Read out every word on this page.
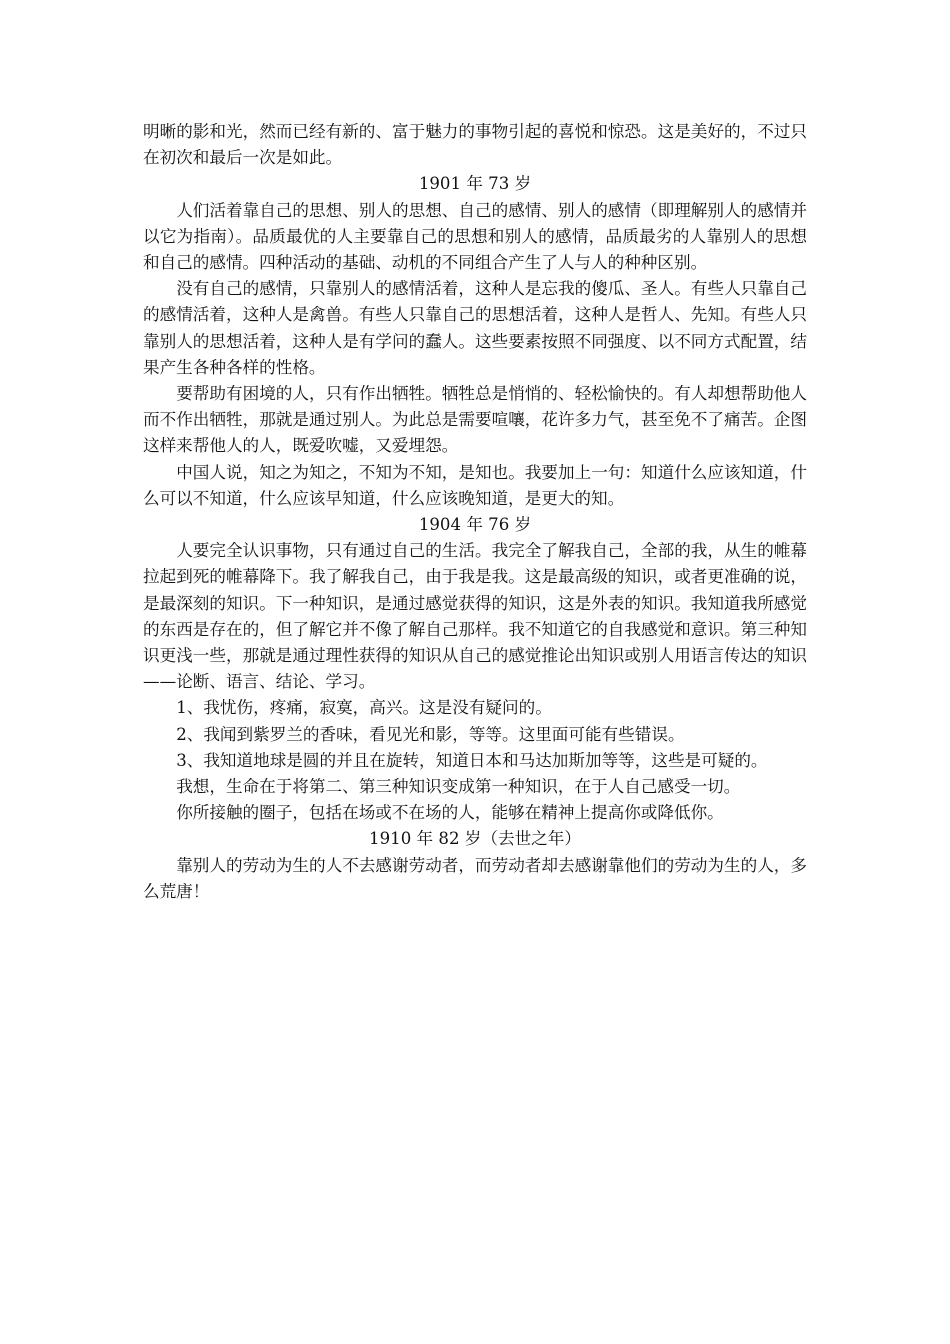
明晰的影和光，然而已经有新的、富于魅力的事物引起的喜悦和惊恐。这是美好的，不过只在初次和最后一次是如此。

1901 年 73 岁

人们活着靠自己的思想、别人的思想、自己的感情、别人的感情（即理解别人的感情并以它为指南）。品质最优的人主要靠自己的思想和别人的感情，品质最劣的人靠别人的思想和自己的感情。四种活动的基础、动机的不同组合产生了人与人的种种区别。

没有自己的感情，只靠别人的感情活着，这种人是忘我的傻瓜、圣人。有些人只靠自己的感情活着，这种人是禽兽。有些人只靠自己的思想活着，这种人是哲人、先知。有些人只靠别人的思想活着，这种人是有学问的蠢人。这些要素按照不同强度、以不同方式配置，结果产生各种各样的性格。

要帮助有困境的人，只有作出牺牲。牺牲总是悄悄的、轻松愉快的。有人却想帮助他人而不作出牺牲，那就是通过别人。为此总是需要喧嚷，花许多力气，甚至免不了痛苦。企图这样来帮他人的人，既爱吹嘘，又爱埋怨。

中国人说，知之为知之，不知为不知，是知也。我要加上一句：知道什么应该知道，什么可以不知道，什么应该早知道，什么应该晚知道，是更大的知。

1904 年 76 岁

人要完全认识事物，只有通过自己的生活。我完全了解我自己，全部的我，从生的帷幕拉起到死的帷幕降下。我了解我自己，由于我是我。这是最高级的知识，或者更准确的说，是最深刻的知识。下一种知识，是通过感觉获得的知识，这是外表的知识。我知道我所感觉的东西是存在的，但了解它并不像了解自己那样。我不知道它的自我感觉和意识。第三种知识更浅一些，那就是通过理性获得的知识从自己的感觉推论出知识或别人用语言传达的知识——论断、语言、结论、学习。

1、我忧伤，疼痛，寂寞，高兴。这是没有疑问的。

2、我闻到紫罗兰的香味，看见光和影，等等。这里面可能有些错误。

3、我知道地球是圆的并且在旋转，知道日本和马达加斯加等等，这些是可疑的。

我想，生命在于将第二、第三种知识变成第一种知识，在于人自己感受一切。

你所接触的圈子，包括在场或不在场的人，能够在精神上提高你或降低你。

1910 年 82 岁（去世之年）

靠别人的劳动为生的人不去感谢劳动者，而劳动者却去感谢靠他们的劳动为生的人，多么荒唐！
